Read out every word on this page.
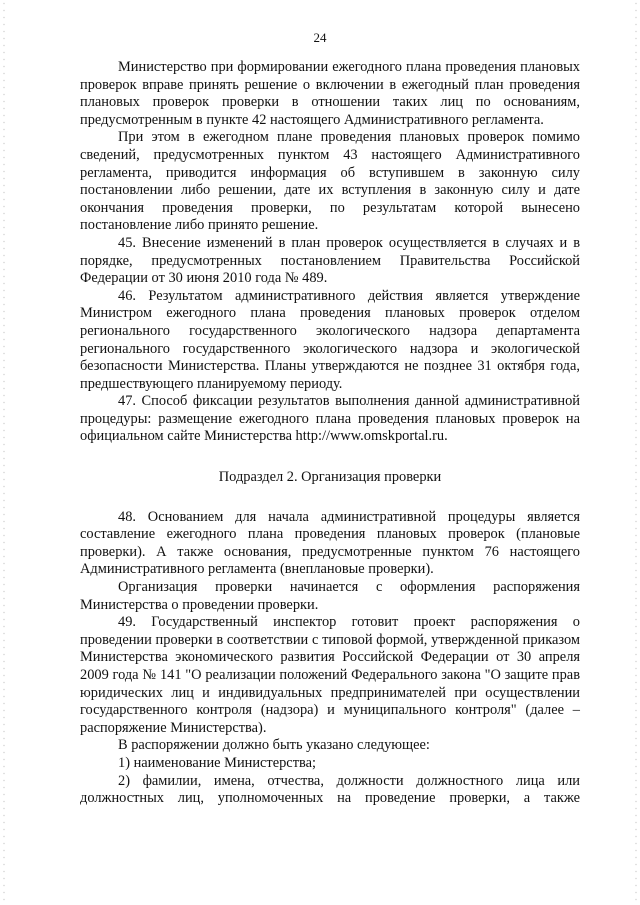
24

Министерство при формировании ежегодного плана проведения плановых проверок вправе принять решение о включении в ежегодный план проведения плановых проверок проверки в отношении таких лиц по основаниям, предусмотренным в пункте 42 настоящего Административного регламента.

При этом в ежегодном плане проведения плановых проверок помимо сведений, предусмотренных пунктом 43 настоящего Административного регламента, приводится информация об вступившем в законную силу постановлении либо решении, дате их вступления в законную силу и дате окончания проведения проверки, по результатам которой вынесено постановление либо принято решение.

45. Внесение изменений в план проверок осуществляется в случаях и в порядке, предусмотренных постановлением Правительства Российской Федерации от 30 июня 2010 года № 489.

46. Результатом административного действия является утверждение Министром ежегодного плана проведения плановых проверок отделом регионального государственного экологического надзора департамента регионального государственного экологического надзора и экологической безопасности Министерства. Планы утверждаются не позднее 31 октября года, предшествующего планируемому периоду.

47. Способ фиксации результатов выполнения данной административной процедуры: размещение ежегодного плана проведения плановых проверок на официальном сайте Министерства http://www.omskportal.ru.

Подраздел 2. Организация проверки

48. Основанием для начала административной процедуры является составление ежегодного плана проведения плановых проверок (плановые проверки). А также основания, предусмотренные пунктом 76 настоящего Административного регламента (внеплановые проверки).

Организация проверки начинается с оформления распоряжения Министерства о проведении проверки.

49. Государственный инспектор готовит проект распоряжения о проведении проверки в соответствии с типовой формой, утвержденной приказом Министерства экономического развития Российской Федерации от 30 апреля 2009 года № 141 "О реализации положений Федерального закона "О защите прав юридических лиц и индивидуальных предпринимателей при осуществлении государственного контроля (надзора) и муниципального контроля" (далее – распоряжение Министерства).

В распоряжении должно быть указано следующее:

1) наименование Министерства;

2) фамилии, имена, отчества, должности должностного лица или должностных лиц, уполномоченных на проведение проверки, а также
